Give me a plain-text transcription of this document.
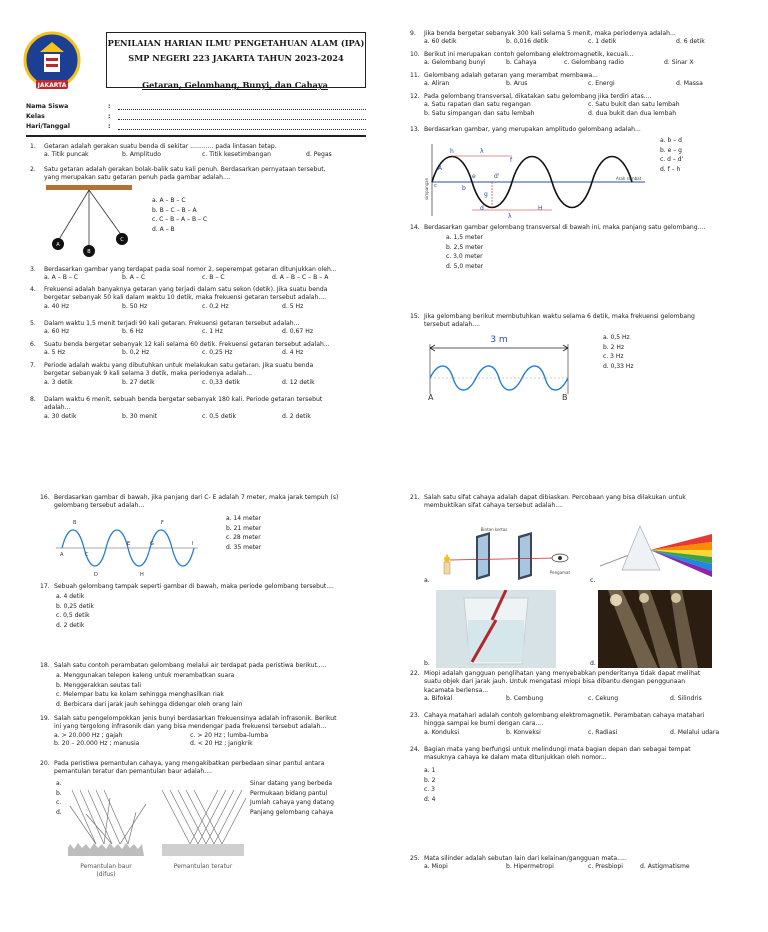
JAKARTA
PENILAIAN HARIAN ILMU PENGETAHUAN ALAM (IPA)
SMP NEGERI 223 JAKARTA TAHUN 2023-2024
Getaran, Gelombang, Bunyi, dan Cahaya
Nama Siswa	:
Kelas	:
Hari/Tanggal	:
1. Getaran adalah gerakan suatu benda di sekitar ............ pada lintasan tetap.
a. Titik puncak	b. Amplitudo	c. Titik kesetimbangan	d. Pegas
2. Satu getaran adalah gerakan bolak-balik satu kali penuh. Berdasarkan pernyataan tersebut,
yang merupakan satu getaran penuh pada gambar adalah....
A
B
C
a. A – B – C
b. B – C – B – A
c. C – B – A – B – C
d. A – B
3. Berdasarkan gambar yang terdapat pada soal nomor 2, seperempat getaran ditunjukkan oleh...
a. A – B – C	b. A – C	c. B – C	d. A – B – C – B – A
4. Frekuensi adalah banyaknya getaran yang terjadi dalam satu sekon (detik). Jika suatu benda
bergetar sebanyak 50 kali dalam waktu 10 detik, maka frekuensi getaran tersebut adalah....
a. 40 Hz	b. 50 Hz	c. 0,2 Hz	d. 5 Hz
5. Dalam waktu 1,5 menit terjadi 90 kali getaran. Frekuensi getaran tersebut adalah...
a. 60 Hz	b. 6 Hz	c. 1 Hz	d. 0,67 Hz
6. Suatu benda bergetar sebanyak 12 kali selama 60 detik. Frekuensi getaran tersebut adalah...
a. 5 Hz	b. 0,2 Hz	c. 0,25 Hz	d. 4 Hz
7. Periode adalah waktu yang dibutuhkan untuk melakukan satu getaran. Jika suatu benda
bergetar sebanyak 9 kali selama 3 detik, maka periodenya adalah...
a. 3 detik	b. 27 detik	c. 0,33 detik	d. 12 detik
8. Dalam waktu 6 menit, sebuah benda bergetar sebanyak 180 kali. Periode getaran tersebut
adalah...
a. 30 detik	b. 30 menit	c. 0,5 detik	d. 2 detik
9. Jika benda bergetar sebanyak 300 kali selama 5 menit, maka periodenya adalah...
a. 60 detik	b. 0,016 detik	c. 1 detik	d. 6 detik
10. Berikut ini merupakan contoh gelombang elektromagnetik, kecuali...
a. Gelombang bunyi	b. Cahaya	c. Gelombang radio	d. Sinar X
11. Gelombang adalah getaran yang merambat membawa...
a. Aliran	b. Arus	c. Energi	d. Massa
12. Pada gelombang transversal, dikatakan satu gelombang jika terdiri atas....
a. Satu rapatan dan satu regangan	c. Satu bukit dan satu lembah
b. Satu simpangan dan satu lembah	d. dua bukit dan dua lembah
13. Berdasarkan gambar, yang merupakan amplitudo gelombang adalah...
simpangan	Arah rambat
h	λ
f
c
A
b
e
d
g
d'
H
λ
a. b – d
b. e – g
c. d – d'
d. f – h
14. Berdasarkan gambar gelombang transversal di bawah ini, maka panjang satu gelombang....
a. 1,5 meter
b. 2,5 meter
c. 3,0 meter
d. 5,0 meter
15. Jika gelombang berikut membutuhkan waktu selama 6 detik, maka frekuensi gelombang
tersebut adalah....
3 m
A	B
a. 0,5 Hz
b. 2 Hz
c. 3 Hz
d. 0,33 Hz
16. Berdasarkan gambar di bawah, jika panjang dari C- E adalah 7 meter, maka jarak tempuh (s)
gelombang tersebut adalah...
B	F
A	C
E	G	I
D	H
a. 14 meter
b. 21 meter
c. 28 meter
d. 35 meter
17. Sebuah gelombang tampak seperti gambar di bawah, maka periode gelombang tersebut....
a. 4 detik
b. 0,25 detik
c. 0,5 detik
d. 2 detik
18. Salah satu contoh perambatan gelombang melalui air terdapat pada peristiwa berikut.....
a. Menggunakan telepon kaleng untuk merambatkan suara
b. Menggerakkan seutas tali
c. Melempar batu ke kolam sehingga menghasilkan riak
d. Berbicara dari jarak jauh sehingga didengar oleh orang lain
19. Salah satu pengelompokkan jenis bunyi berdasarkan frekuensinya adalah infrasonik. Berikut
ini yang tergolong infrasonik dan yang bisa mendengar pada frekuensi tersebut adalah...
a. > 20.000 Hz ; gajah	c. > 20 Hz ; lumba-lumba
b. 20 – 20.000 Hz ; manusia	d. < 20 Hz ; jangkrik
20. Pada peristiwa pemantulan cahaya, yang mengakibatkan perbedaan sinar pantul antara
pemantulan teratur dan pemantulan baur adalah....
a.
b.
c.
d.
Sinar datang yang berbeda
Permukaan bidang pantul
Jumlah cahaya yang datang
Panjang gelombang cahaya
Pemantulan baur
(difus)
Pemantulan teratur
21. Salah satu sifat cahaya adalah dapat dibiaskan. Percobaan yang bisa dilakukan untuk
membuktikan sifat cahaya tersebut adalah....
a.	c.
b.	d.
Bintan kertas
Pengamat
22. Miopi adalah gangguan penglihatan yang menyebabkan penderitanya tidak dapat melihat
suatu objek dari jarak jauh. Untuk mengatasi miopi bisa dibantu dengan penggunaan
kacamata berlensa...
a. Bifokal	b. Cembung	c. Cekung	d. Silindris
23. Cahaya matahari adalah contoh gelombang elektromagnetik. Perambatan cahaya matahari
hingga sampai ke bumi dengan cara....
a. Konduksi	b. Konveksi	c. Radiasi	d. Melalui udara
24. Bagian mata yang berfungsi untuk melindungi mata bagian depan dan sebagai tempat
masuknya cahaya ke dalam mata ditunjukkan oleh nomor...
a. 1
b. 2
c. 3
d. 4
25. Mata silinder adalah sebutan lain dari kelainan/gangguan mata.....
a. Miopi	b. Hipermetropi	c. Presbiopi	d. Astigmatisme
